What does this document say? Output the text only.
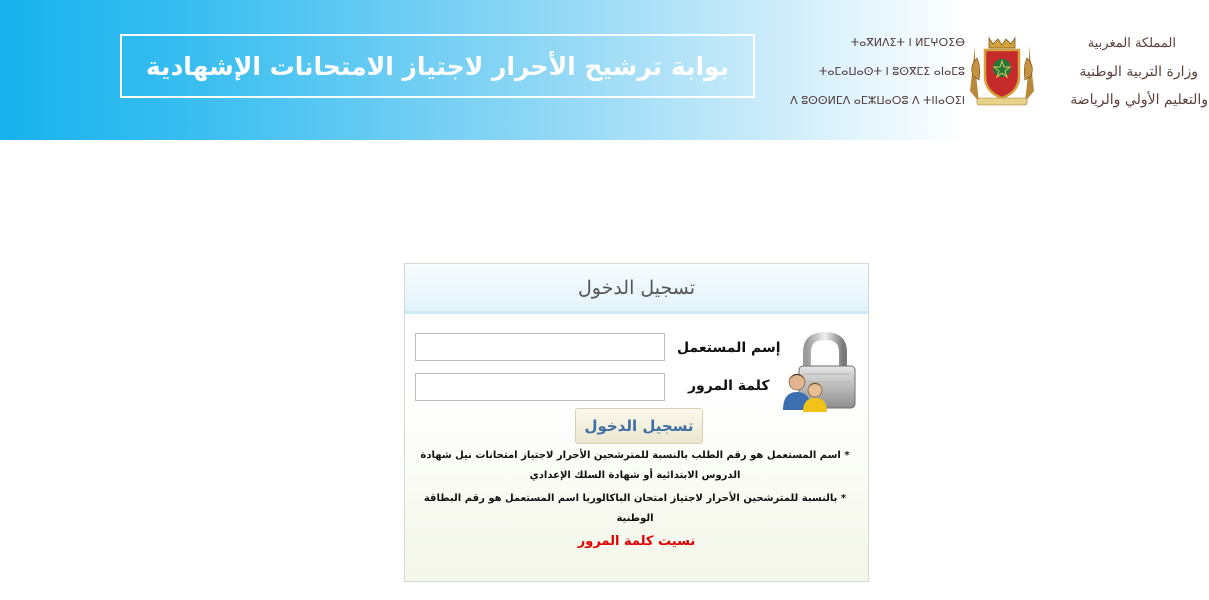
بوابة ترشيح الأحرار لاجتياز الامتحانات الإشهادية
ⵜⴰⴳⵍⴷⵉⵜ ⵏ ⵍⵎⵖⵔⵉⴱ
ⵜⴰⵎⴰⵡⴰⵙⵜ ⵏ ⵓⵙⴳⵎⵉ ⴰⵏⴰⵎⵓ
ⴷ ⵓⵙⵙⵍⵎⴷ ⴰⵎⵣⵡⴰⵔⵓ ⴷ ⵜⵏⵏⴰⵔⵉⵏ
المملكة المغربية
وزارة التربية الوطنية
والتعليم الأولي والرياضة
تسجيل الدخول
إسم المستعمل
كلمة المرور
تسجيل الدخول
* اسم المستعمل هو رقم الطلب بالنسبة للمترشحين الأحرار لاجتياز امتحانات نيل شهادة الدروس الابتدائية أو شهادة السلك الإعدادي
* بالنسبة للمترشحين الأحرار لاجتياز امتحان الباكالوريا اسم المستعمل هو رقم البطاقة الوطنية
نسيت كلمة المرور
